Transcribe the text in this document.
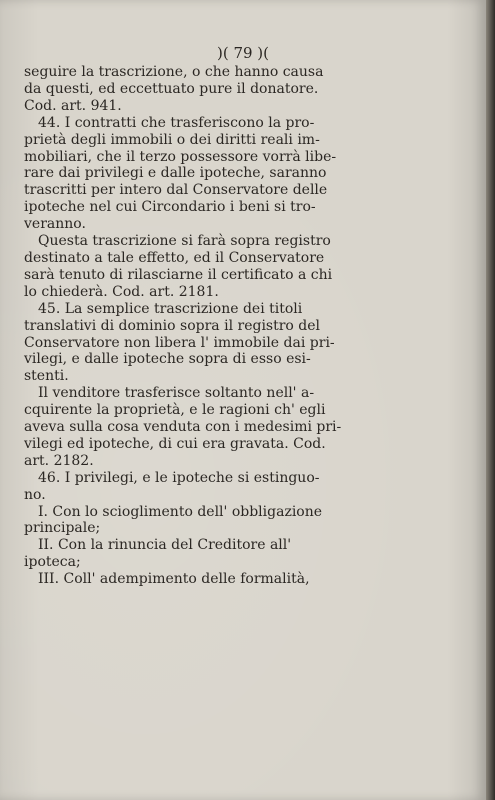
)( 79 )(

seguire la trascrizione, o che hanno causa

da questi, ed eccettuato pure il donatore.

Cod. art. 941.

44. I contratti che trasferiscono la pro-

prietà degli immobili o dei diritti reali im-

mobiliari, che il terzo possessore vorrà libe-

rare dai privilegi e dalle ipoteche, saranno

trascritti per intero dal Conservatore delle

ipoteche nel cui Circondario i beni si tro-

veranno.

Questa trascrizione si farà sopra registro

destinato a tale effetto, ed il Conservatore

sarà tenuto di rilasciarne il certificato a chi

lo chiederà. Cod. art. 2181.

45. La semplice trascrizione dei titoli

translativi di dominio sopra il registro del

Conservatore non libera l' immobile dai pri-

vilegi, e dalle ipoteche sopra di esso esi-

stenti.

Il venditore trasferisce soltanto nell' a-

cquirente la proprietà, e le ragioni ch' egli

aveva sulla cosa venduta con i medesimi pri-

vilegi ed ipoteche, di cui era gravata. Cod.

art. 2182.

46. I privilegi, e le ipoteche si estinguo-

no.

I. Con lo scioglimento dell' obbligazione

principale;

II. Con la rinuncia del Creditore all'

ipoteca;

III. Coll' adempimento delle formalità,
